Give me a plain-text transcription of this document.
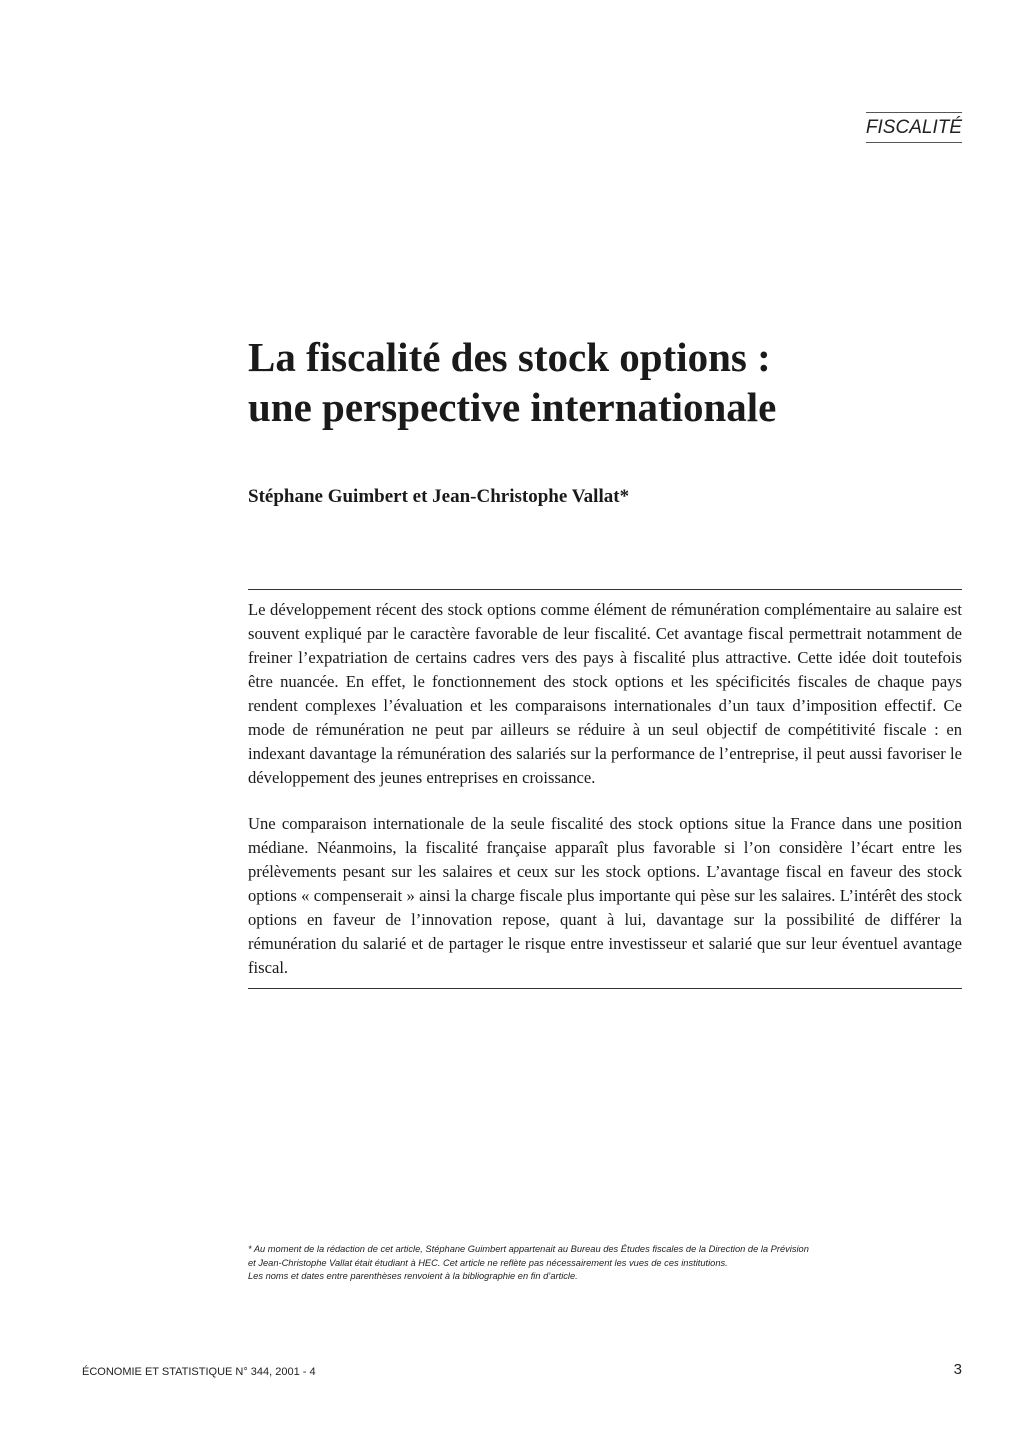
FISCALITÉ
La fiscalité des stock options :
une perspective internationale
Stéphane Guimbert et Jean-Christophe Vallat*

Le développement récent des stock options comme élément de rémunération complémentaire au salaire est souvent expliqué par le caractère favorable de leur fiscalité. Cet avantage fiscal permettrait notamment de freiner l’expatriation de certains cadres vers des pays à fiscalité plus attractive. Cette idée doit toutefois être nuancée. En effet, le fonctionnement des stock options et les spécificités fiscales de chaque pays rendent complexes l’évaluation et les comparaisons internationales d’un taux d’imposition effectif. Ce mode de rémunération ne peut par ailleurs se réduire à un seul objectif de compétitivité fiscale : en indexant davantage la rémunération des salariés sur la performance de l’entreprise, il peut aussi favoriser le développement des jeunes entreprises en croissance.

Une comparaison internationale de la seule fiscalité des stock options situe la France dans une position médiane. Néanmoins, la fiscalité française apparaît plus favorable si l’on considère l’écart entre les prélèvements pesant sur les salaires et ceux sur les stock options. L’avantage fiscal en faveur des stock options « compenserait » ainsi la charge fiscale plus importante qui pèse sur les salaires. L’intérêt des stock options en faveur de l’innovation repose, quant à lui, davantage sur la possibilité de différer la rémunération du salarié et de partager le risque entre investisseur et salarié que sur leur éventuel avantage fiscal.

* Au moment de la rédaction de cet article, Stéphane Guimbert appartenait au Bureau des Études fiscales de la Direction de la Prévision
et Jean-Christophe Vallat était étudiant à HEC. Cet article ne reflète pas nécessairement les vues de ces institutions.
Les noms et dates entre parenthèses renvoient à la bibliographie en fin d’article.
ÉCONOMIE ET STATISTIQUE N° 344, 2001 - 4	3
